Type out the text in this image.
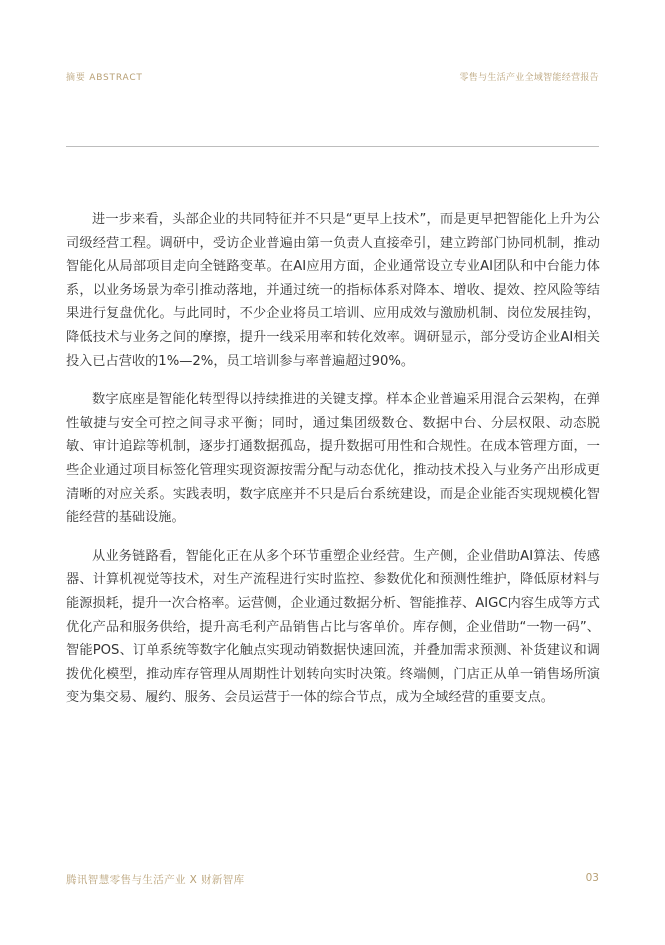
摘要 ABSTRACT	零售与生活产业全域智能经营报告

进一步来看，头部企业的共同特征并不只是“更早上技术”，而是更早把智能化上升为公司级经营工程。调研中，受访企业普遍由第一负责人直接牵引，建立跨部门协同机制，推动智能化从局部项目走向全链路变革。在AI应用方面，企业通常设立专业AI团队和中台能力体系，以业务场景为牵引推动落地，并通过统一的指标体系对降本、增收、提效、控风险等结果进行复盘优化。与此同时，不少企业将员工培训、应用成效与激励机制、岗位发展挂钩，降低技术与业务之间的摩擦，提升一线采用率和转化效率。调研显示，部分受访企业AI相关投入已占营收的1%—2%，员工培训参与率普遍超过90%。

数字底座是智能化转型得以持续推进的关键支撑。样本企业普遍采用混合云架构，在弹性敏捷与安全可控之间寻求平衡；同时，通过集团级数仓、数据中台、分层权限、动态脱敏、审计追踪等机制，逐步打通数据孤岛，提升数据可用性和合规性。在成本管理方面，一些企业通过项目标签化管理实现资源按需分配与动态优化，推动技术投入与业务产出形成更清晰的对应关系。实践表明，数字底座并不只是后台系统建设，而是企业能否实现规模化智能经营的基础设施。

从业务链路看，智能化正在从多个环节重塑企业经营。生产侧，企业借助AI算法、传感器、计算机视觉等技术，对生产流程进行实时监控、参数优化和预测性维护，降低原材料与能源损耗，提升一次合格率。运营侧，企业通过数据分析、智能推荐、AIGC内容生成等方式优化产品和服务供给，提升高毛利产品销售占比与客单价。库存侧，企业借助“一物一码”、智能POS、订单系统等数字化触点实现动销数据快速回流，并叠加需求预测、补货建议和调拨优化模型，推动库存管理从周期性计划转向实时决策。终端侧，门店正从单一销售场所演变为集交易、履约、服务、会员运营于一体的综合节点，成为全域经营的重要支点。

腾讯智慧零售与生活产业 X 财新智库	03
